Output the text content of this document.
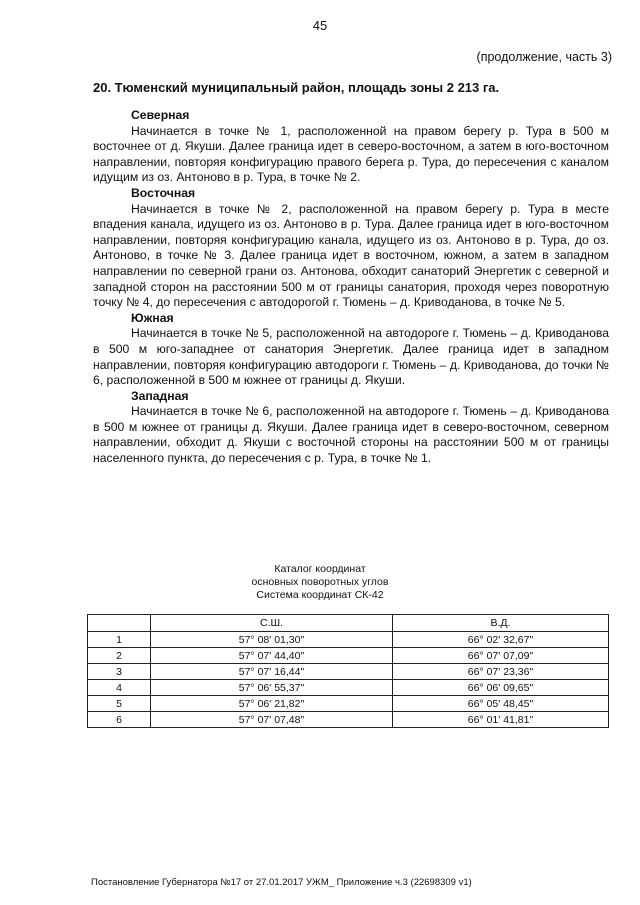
45
(продолжение, часть 3)
20. Тюменский муниципальный район, площадь зоны 2 213 га.
Северная

Начинается в точке № 1, расположенной на правом берегу р. Тура в 500 м восточнее от д. Якуши. Далее граница идет в северо-восточном, а затем в юго-восточном направлении, повторяя конфигурацию правого берега р. Тура, до пересечения с каналом идущим из оз. Антоново в р. Тура, в точке № 2.

Восточная

Начинается в точке № 2, расположенной на правом берегу р. Тура в месте впадения канала, идущего из оз. Антоново в р. Тура. Далее граница идет в юго-восточном направлении, повторяя конфигурацию канала, идущего из оз. Антоново в р. Тура, до оз. Антоново, в точке № 3. Далее граница идет в восточном, южном, а затем в западном направлении по северной грани оз. Антонова, обходит санаторий Энергетик с северной и западной сторон на расстоянии 500 м от границы санатория, проходя через поворотную точку № 4, до пересечения с автодорогой г. Тюмень – д. Криводанова, в точке № 5.

Южная

Начинается в точке № 5, расположенной на автодороге г. Тюмень – д. Криводанова в 500 м юго-западнее от санатория Энергетик. Далее граница идет в западном направлении, повторяя конфигурацию автодороги г. Тюмень – д. Криводанова, до точки № 6, расположенной в 500 м южнее от границы д. Якуши.

Западная

Начинается в точке № 6, расположенной на автодороге г. Тюмень – д. Криводанова в 500 м южнее от границы д. Якуши. Далее граница идет в северо-восточном, северном направлении, обходит д. Якуши с восточной стороны на расстоянии 500 м от границы населенного пункта, до пересечения с р. Тура, в точке № 1.

Каталог координат
основных поворотных углов
Система координат СК-42
	С.Ш.	В.Д.
1	57° 08' 01,30"	66° 02' 32,67"
2	57° 07' 44,40"	66° 07' 07,09"
3	57° 07' 16,44"	66° 07' 23,36"
4	57° 06' 55,37"	66° 06' 09,65"
5	57° 06' 21,82"	66° 05' 48,45"
6	57° 07' 07,48"	66° 01' 41,81"
Постановление Губернатора №17 от 27.01.2017 УЖМ_ Приложение ч.3 (22698309 v1)
